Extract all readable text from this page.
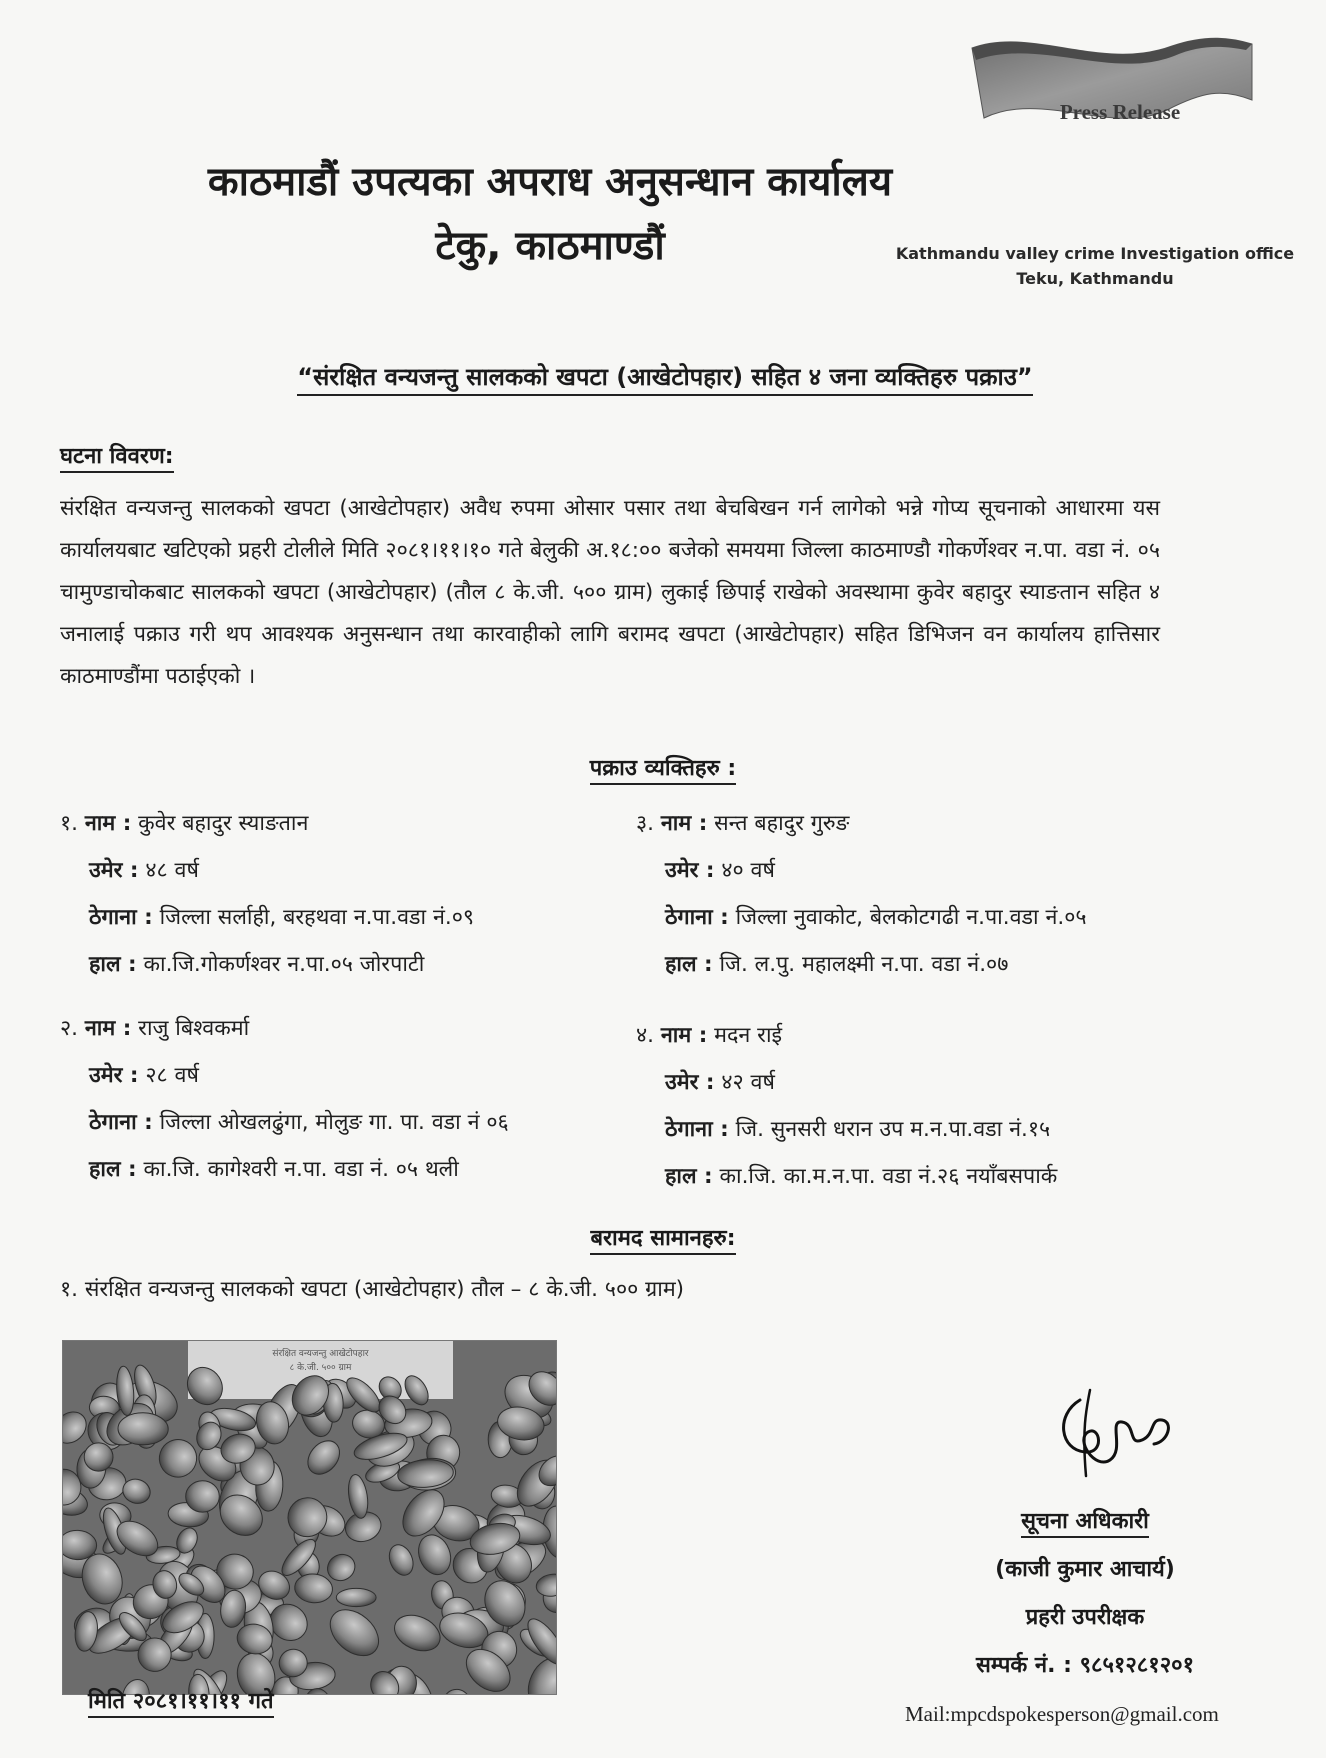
Press Release
काठमाडौं उपत्यका अपराध अनुसन्धान कार्यालय
टेकु, काठमाण्डौं	Kathmandu valley crime Investigation office
Teku, Kathmandu
“संरक्षित वन्यजन्तु सालकको खपटा (आखेटोपहार) सहित ४ जना व्यक्तिहरु पक्राउ”
घटना विवरण:
संरक्षित वन्यजन्तु सालकको खपटा (आखेटोपहार) अवैध रुपमा ओसार पसार तथा बेचबिखन गर्न लागेको भन्ने गोप्य सूचनाको आधारमा यस कार्यालयबाट खटिएको प्रहरी टोलीले मिति २०८१।११।१० गते बेलुकी अ.१८:०० बजेको समयमा जिल्ला काठमाण्डौ गोकर्णेश्वर न.पा. वडा नं. ०५ चामुण्डाचोकबाट सालकको खपटा (आखेटोपहार) (तौल ८ के.जी. ५०० ग्राम) लुकाई छिपाई राखेको अवस्थामा कुवेर बहादुर स्याङतान सहित ४ जनालाई पक्राउ गरी थप आवश्यक अनुसन्धान तथा कारवाहीको लागि बरामद खपटा (आखेटोपहार) सहित डिभिजन वन कार्यालय हात्तिसार काठमाण्डौंमा पठाईएको ।
पक्राउ व्यक्तिहरु :
१. नाम : कुवेर बहादुर स्याङतान
उमेर : ४८ वर्ष
ठेगाना : जिल्ला सर्लाही, बरहथवा न.पा.वडा नं.०९
हाल : का.जि.गोकर्णश्वर न.पा.०५ जोरपाटी
२. नाम : राजु बिश्वकर्मा
उमेर : २८ वर्ष
ठेगाना : जिल्ला ओखलढुंगा, मोलुङ गा. पा. वडा नं ०६
हाल : का.जि. कागेश्वरी न.पा. वडा नं. ०५ थली
३. नाम : सन्त बहादुर गुरुङ
उमेर : ४० वर्ष
ठेगाना : जिल्ला नुवाकोट, बेलकोटगढी न.पा.वडा नं.०५
हाल : जि. ल.पु. महालक्ष्मी न.पा. वडा नं.०७
४. नाम : मदन राई
उमेर : ४२ वर्ष
ठेगाना : जि. सुनसरी धरान उप म.न.पा.वडा नं.१५
हाल : का.जि. का.म.न.पा. वडा नं.२६ नयाँबसपार्क
बरामद सामानहरु:
१. संरक्षित वन्यजन्तु सालकको खपटा (आखेटोपहार) तौल – ८ के.जी. ५०० ग्राम)
संरक्षित वन्यजन्तु आखेटोपहार
८ के.जी. ५०० ग्राम
मिति २०८१।११।११ गते
सूचना अधिकारी
(काजी कुमार आचार्य)
प्रहरी उपरीक्षक
सम्पर्क नं. : ९८५१२८१२०१
Mail:mpcdspokesperson@gmail.com
